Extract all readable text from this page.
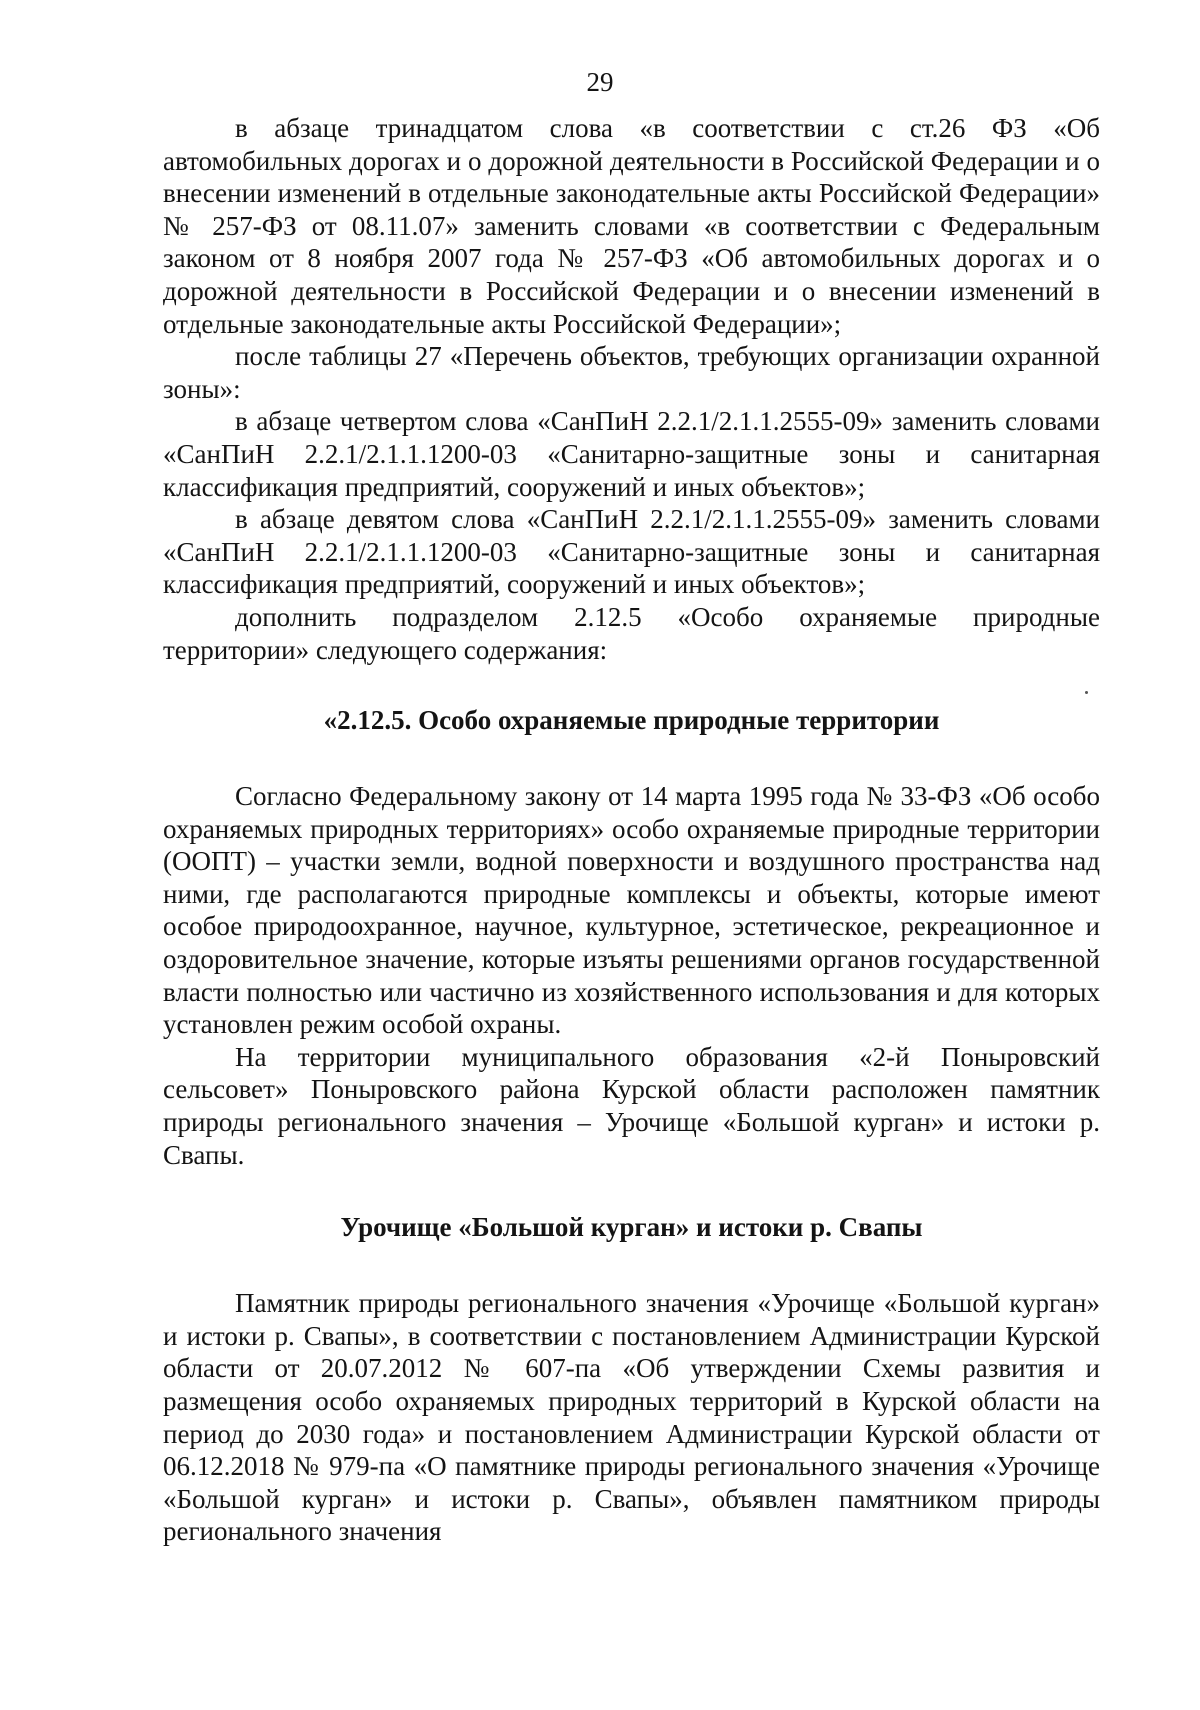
29

в абзаце тринадцатом слова «в соответствии с ст.26 ФЗ «Об автомобильных дорогах и о дорожной деятельности в Российской Федерации и о внесении изменений в отдельные законодательные акты Российской Федерации» № 257-ФЗ от 08.11.07» заменить словами «в соответствии с Федеральным законом от 8 ноября 2007 года № 257-ФЗ «Об автомобильных дорогах и о дорожной деятельности в Российской Федерации и о внесении изменений в отдельные законодательные акты Российской Федерации»;

после таблицы 27 «Перечень объектов, требующих организации охранной зоны»:

в абзаце четвертом слова «СанПиН 2.2.1/2.1.1.2555-09» заменить словами «СанПиН 2.2.1/2.1.1.1200-03 «Санитарно-защитные зоны и санитарная классификация предприятий, сооружений и иных объектов»;

в абзаце девятом слова «СанПиН 2.2.1/2.1.1.2555-09» заменить словами «СанПиН 2.2.1/2.1.1.1200-03 «Санитарно-защитные зоны и санитарная классификация предприятий, сооружений и иных объектов»;

дополнить подразделом 2.12.5 «Особо охраняемые природные территории» следующего содержания:

«2.12.5. Особо охраняемые природные территории

Согласно Федеральному закону от 14 марта 1995 года № 33-ФЗ «Об особо охраняемых природных территориях» особо охраняемые природные территории (ООПТ) – участки земли, водной поверхности и воздушного пространства над ними, где располагаются природные комплексы и объекты, которые имеют особое природоохранное, научное, культурное, эстетическое, рекреационное и оздоровительное значение, которые изъяты решениями органов государственной власти полностью или частично из хозяйственного использования и для которых установлен режим особой охраны.

На территории муниципального образования «2-й Поныровский сельсовет» Поныровского района Курской области расположен памятник природы регионального значения – Урочище «Большой курган» и истоки р. Свапы.

Урочище «Большой курган» и истоки р. Свапы

Памятник природы регионального значения «Урочище «Большой курган» и истоки р. Свапы», в соответствии с постановлением Администрации Курской области от 20.07.2012 № 607-па «Об утверждении Схемы развития и размещения особо охраняемых природных территорий в Курской области на период до 2030 года» и постановлением Администрации Курской области от 06.12.2018 № 979-па «О памятнике природы регионального значения «Урочище «Большой курган» и истоки р. Свапы», объявлен памятником природы регионального значения
